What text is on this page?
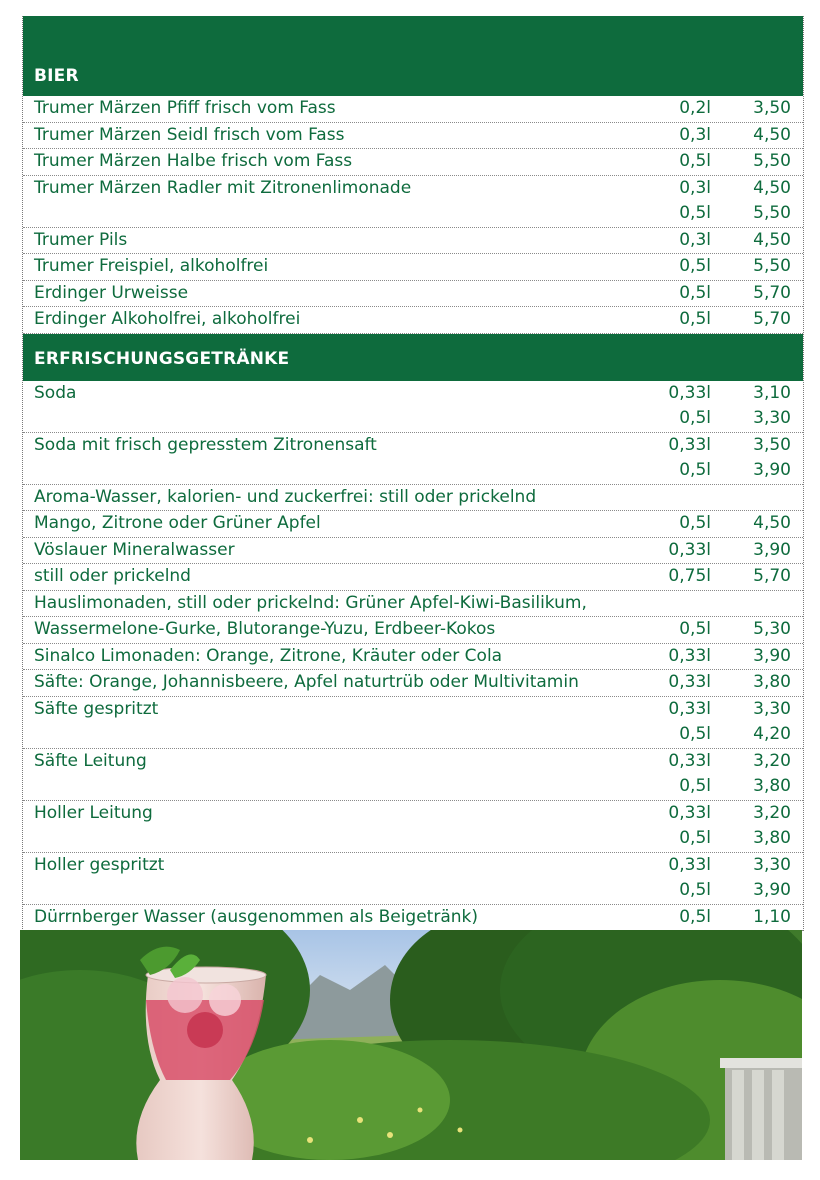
BIER
Trumer Märzen Pfiff frisch vom Fass	0,2l	3,50
Trumer Märzen Seidl frisch vom Fass	0,3l	4,50
Trumer Märzen Halbe frisch vom Fass	0,5l	5,50
Trumer Märzen Radler mit Zitronenlimonade	0,3l	4,50
0,5l	5,50
Trumer Pils	0,3l	4,50
Trumer Freispiel, alkoholfrei	0,5l	5,50
Erdinger Urweisse	0,5l	5,70
Erdinger Alkoholfrei, alkoholfrei	0,5l	5,70
ERFRISCHUNGSGETRÄNKE
Soda	0,33l	3,10
0,5l	3,30
Soda mit frisch gepresstem Zitronensaft	0,33l	3,50
0,5l	3,90
Aroma-Wasser, kalorien- und zuckerfrei: still oder prickelnd

Mango, Zitrone oder Grüner Apfel	0,5l	4,50
Vöslauer Mineralwasser	0,33l	3,90
still oder prickelnd	0,75l	5,70
Hauslimonaden, still oder prickelnd: Grüner Apfel-Kiwi-Basilikum,

Wassermelone-Gurke, Blutorange-Yuzu, Erdbeer-Kokos	0,5l	5,30
Sinalco Limonaden: Orange, Zitrone, Kräuter oder Cola	0,33l	3,90
Säfte: Orange, Johannisbeere, Apfel naturtrüb oder Multivitamin	0,33l	3,80
Säfte gespritzt	0,33l	3,30
0,5l	4,20
Säfte Leitung	0,33l	3,20
0,5l	3,80
Holler Leitung	0,33l	3,20
0,5l	3,80
Holler gespritzt	0,33l	3,30
0,5l	3,90
Dürrnberger Wasser (ausgenommen als Beigetränk)	0,5l	1,10
